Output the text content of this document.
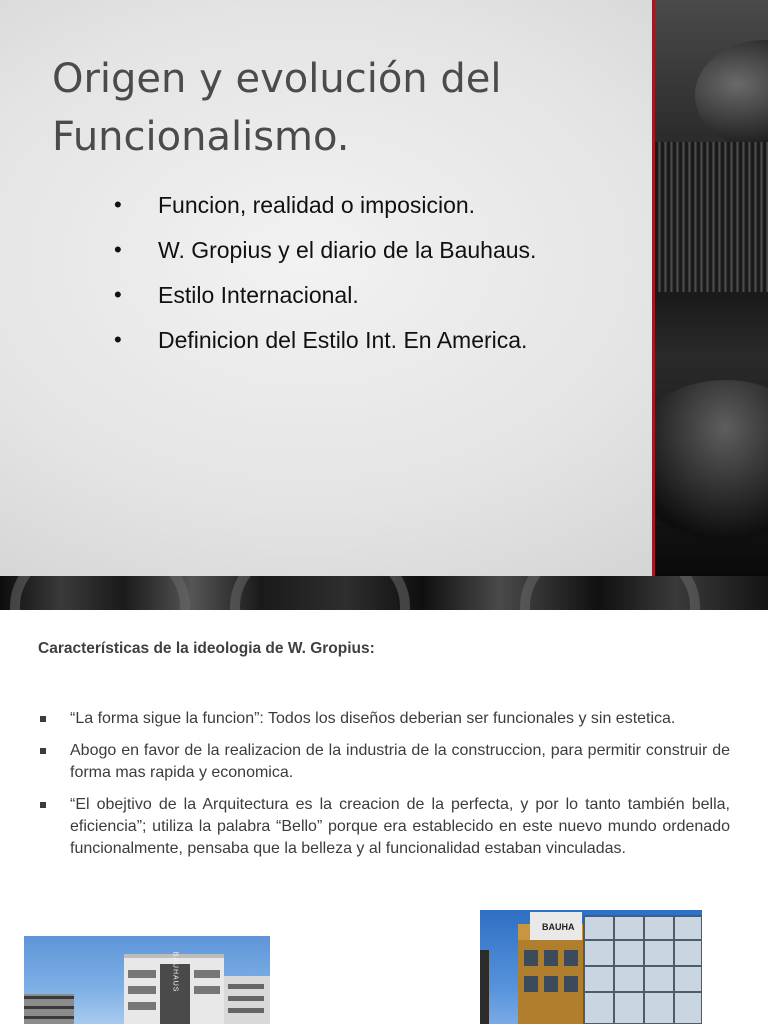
Origen y evolución del
Funcionalismo.
• Funcion, realidad o imposicion.
• W. Gropius y el diario de la Bauhaus.
• Estilo Internacional.
• Definicion del Estilo Int. En America.
Características de la ideologia de W. Gropius:
“La forma sigue la funcion”: Todos los diseños deberian ser funcionales y sin estetica.
Abogo en favor de la realizacion de la industria de la construccion, para permitir construir de forma mas rapida y economica.
“El obejtivo de la Arquitectura es la creacion de la perfecta, y por lo tanto también bella, eficiencia”; utiliza la palabra “Bello” porque era establecido en este nuevo mundo ordenado funcionalmente, pensaba que la belleza y al funcionalidad estaban vinculadas.
BAUHAUS
BAUHA
